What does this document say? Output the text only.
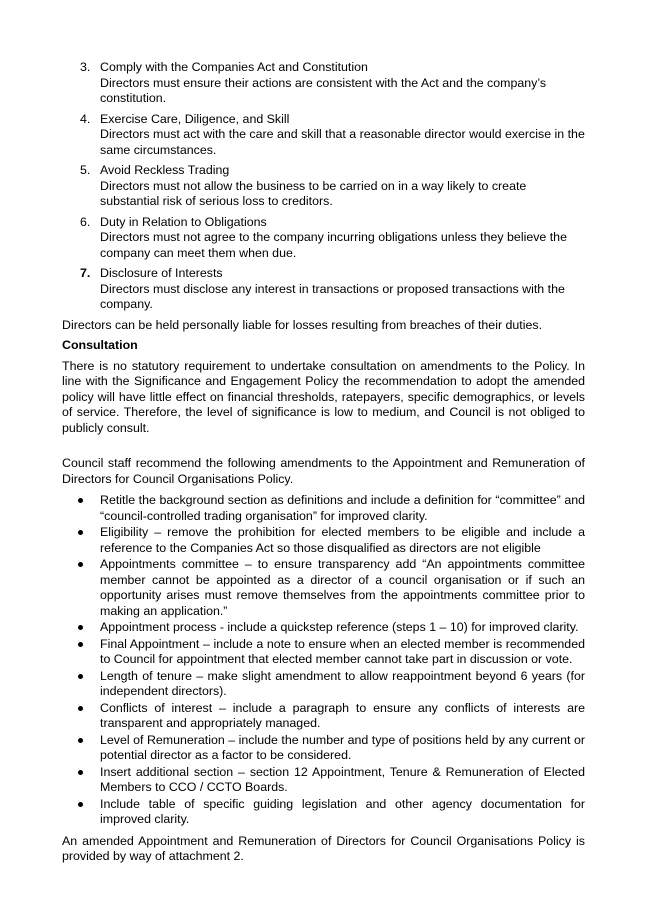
3. Comply with the Companies Act and Constitution
Directors must ensure their actions are consistent with the Act and the company’s constitution.
4. Exercise Care, Diligence, and Skill
Directors must act with the care and skill that a reasonable director would exercise in the same circumstances.
5. Avoid Reckless Trading
Directors must not allow the business to be carried on in a way likely to create substantial risk of serious loss to creditors.
6. Duty in Relation to Obligations
Directors must not agree to the company incurring obligations unless they believe the company can meet them when due.
7. Disclosure of Interests
Directors must disclose any interest in transactions or proposed transactions with the company.

Directors can be held personally liable for losses resulting from breaches of their duties.

Consultation

There is no statutory requirement to undertake consultation on amendments to the Policy. In line with the Significance and Engagement Policy the recommendation to adopt the amended policy will have little effect on financial thresholds, ratepayers, specific demographics, or levels of service. Therefore, the level of significance is low to medium, and Council is not obliged to publicly consult.

Council staff recommend the following amendments to the Appointment and Remuneration of Directors for Council Organisations Policy.

Retitle the background section as definitions and include a definition for “committee” and “council-controlled trading organisation” for improved clarity.
Eligibility – remove the prohibition for elected members to be eligible and include a reference to the Companies Act so those disqualified as directors are not eligible
Appointments committee – to ensure transparency add “An appointments committee member cannot be appointed as a director of a council organisation or if such an opportunity arises must remove themselves from the appointments committee prior to making an application.”
Appointment process - include a quickstep reference (steps 1 – 10) for improved clarity.
Final Appointment – include a note to ensure when an elected member is recommended to Council for appointment that elected member cannot take part in discussion or vote.
Length of tenure – make slight amendment to allow reappointment beyond 6 years (for independent directors).
Conflicts of interest – include a paragraph to ensure any conflicts of interests are transparent and appropriately managed.
Level of Remuneration – include the number and type of positions held by any current or potential director as a factor to be considered.
Insert additional section – section 12 Appointment, Tenure & Remuneration of Elected Members to CCO / CCTO Boards.
Include table of specific guiding legislation and other agency documentation for improved clarity.

An amended Appointment and Remuneration of Directors for Council Organisations Policy is provided by way of attachment 2.
